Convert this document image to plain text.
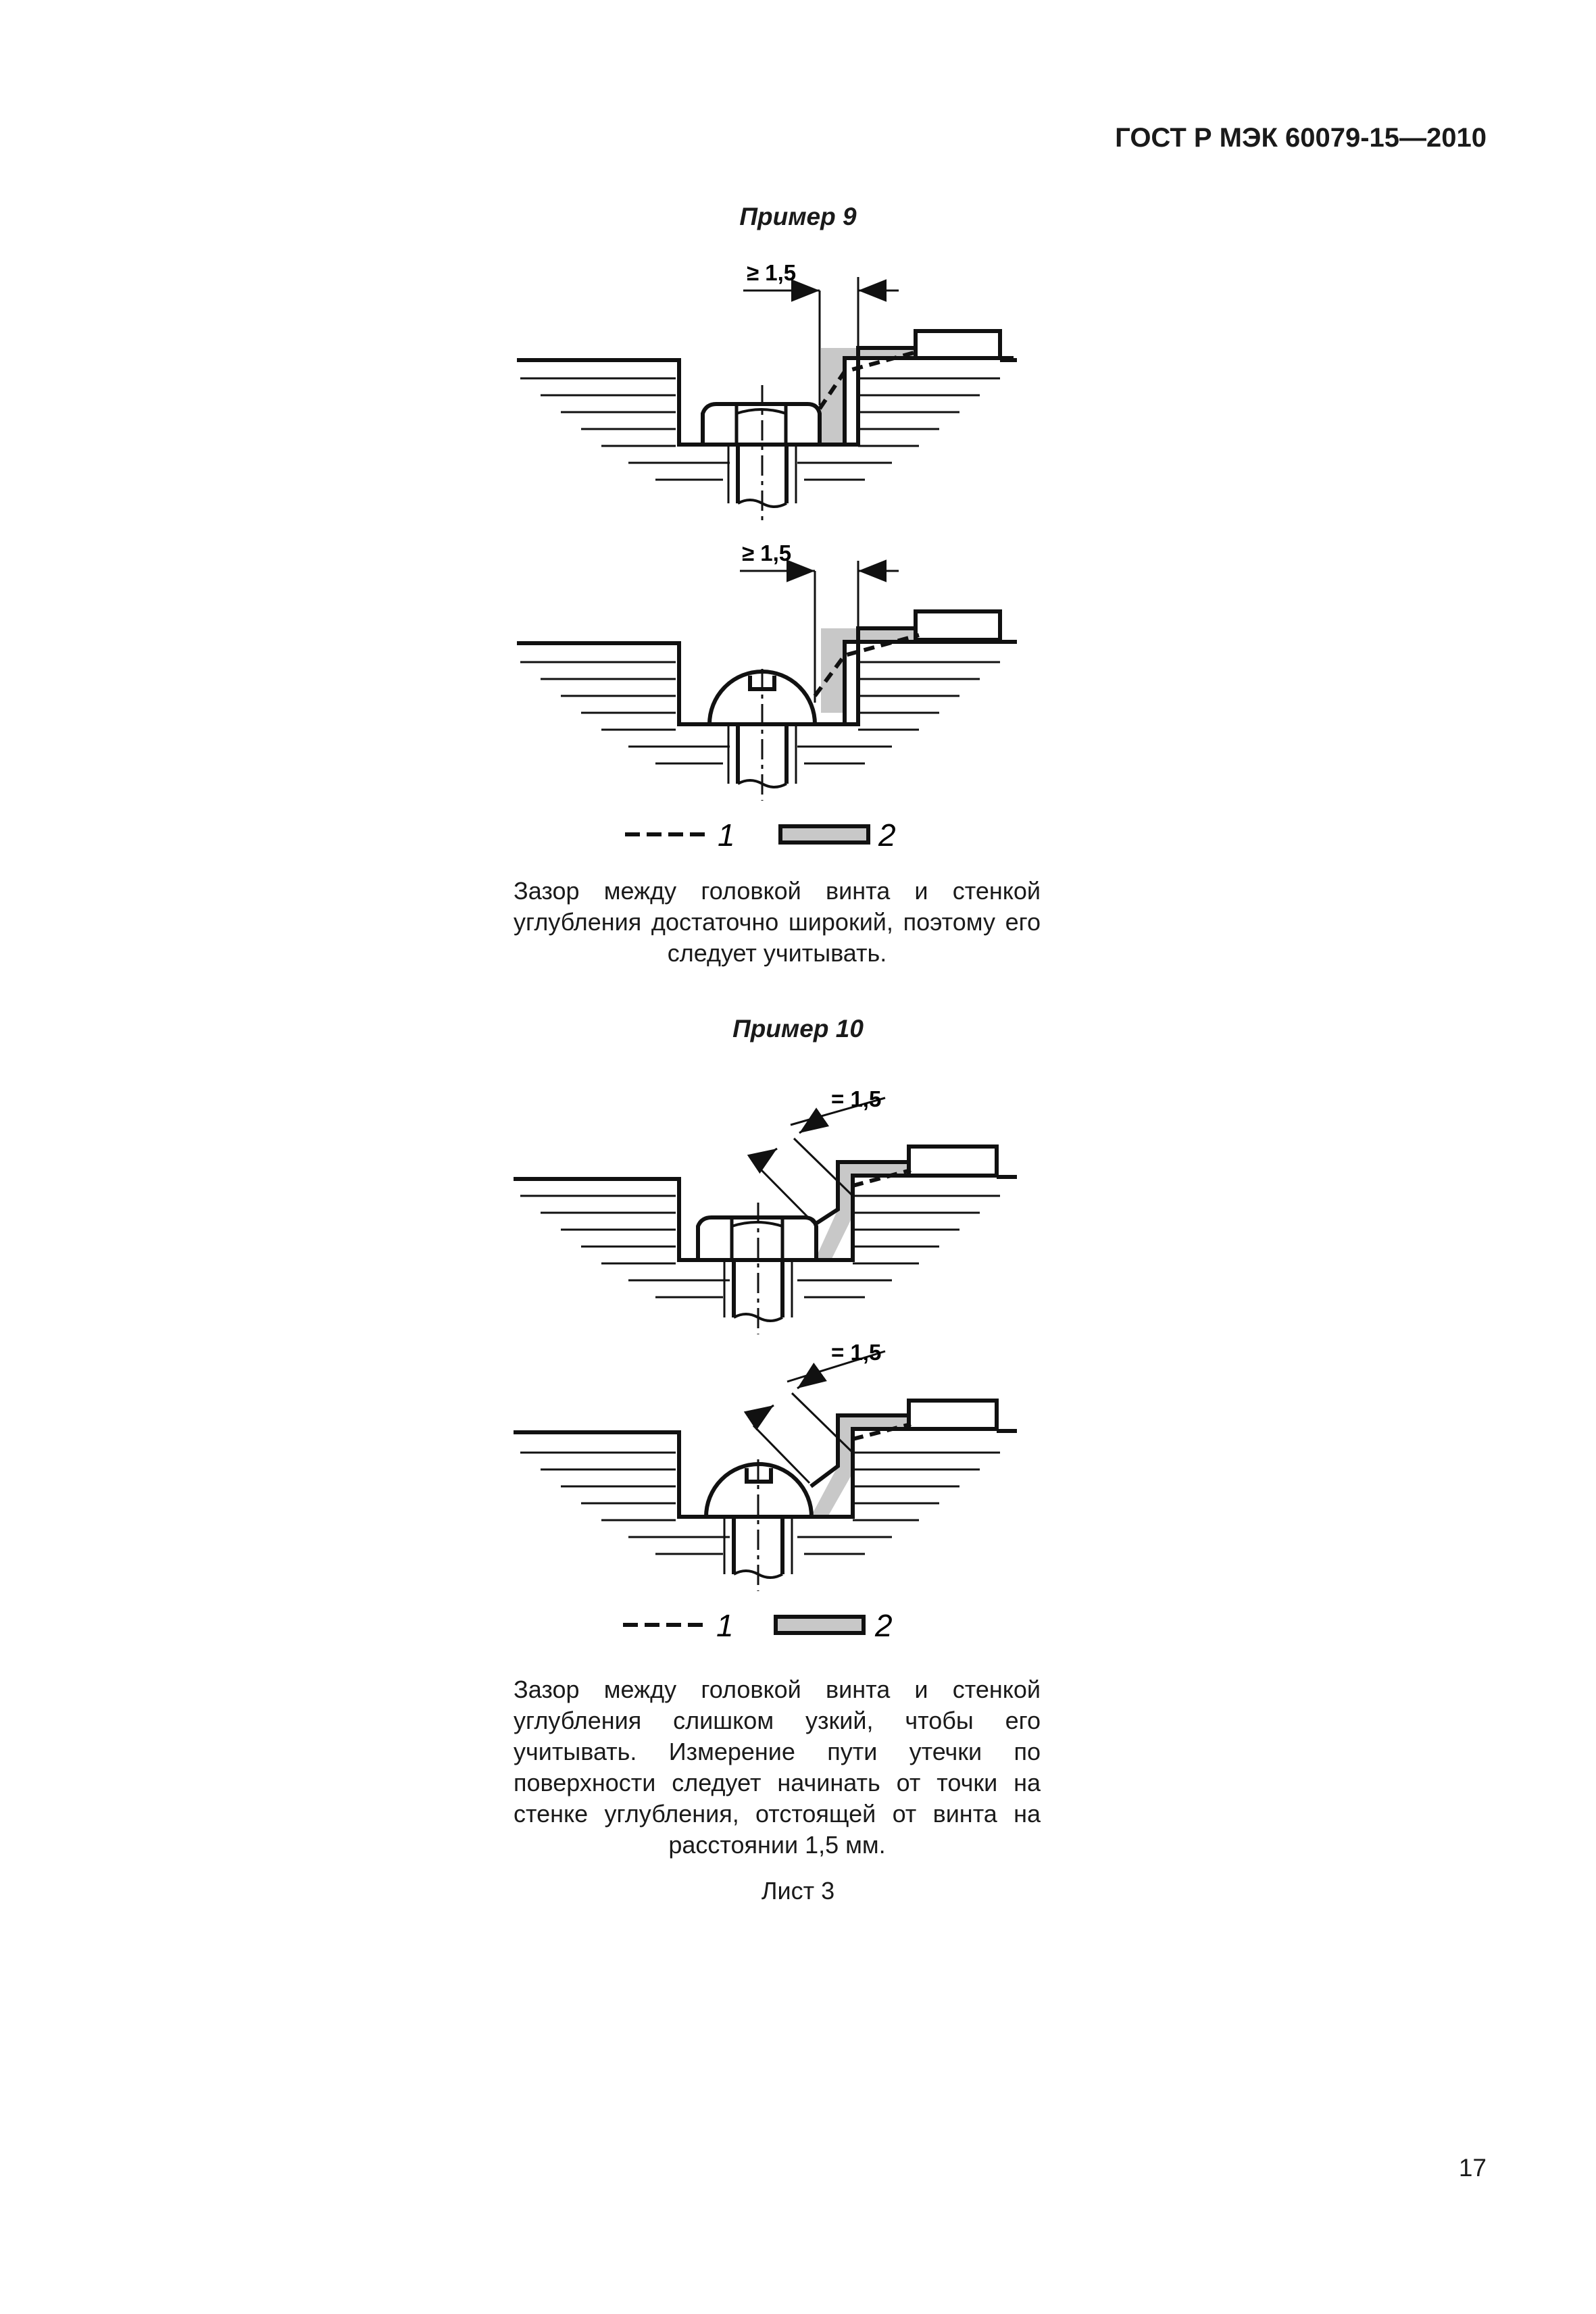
ГОСТ Р МЭК 60079-15—2010
Пример 9
Пример 10
≥ 1,5
≥ 1,5
1	2
= 1,5
= 1,5
1	2
Зазор между головкой винта и стенкой углубления достаточно широкий, поэтому его следует учитывать.
Зазор между головкой винта и стенкой углубления слишком узкий, чтобы его учитывать. Измерение пути утечки по поверхности следует начинать от точки на стенке углубления, отстоящей от винта на расстоянии 1,5 мм.
Лист 3
17
